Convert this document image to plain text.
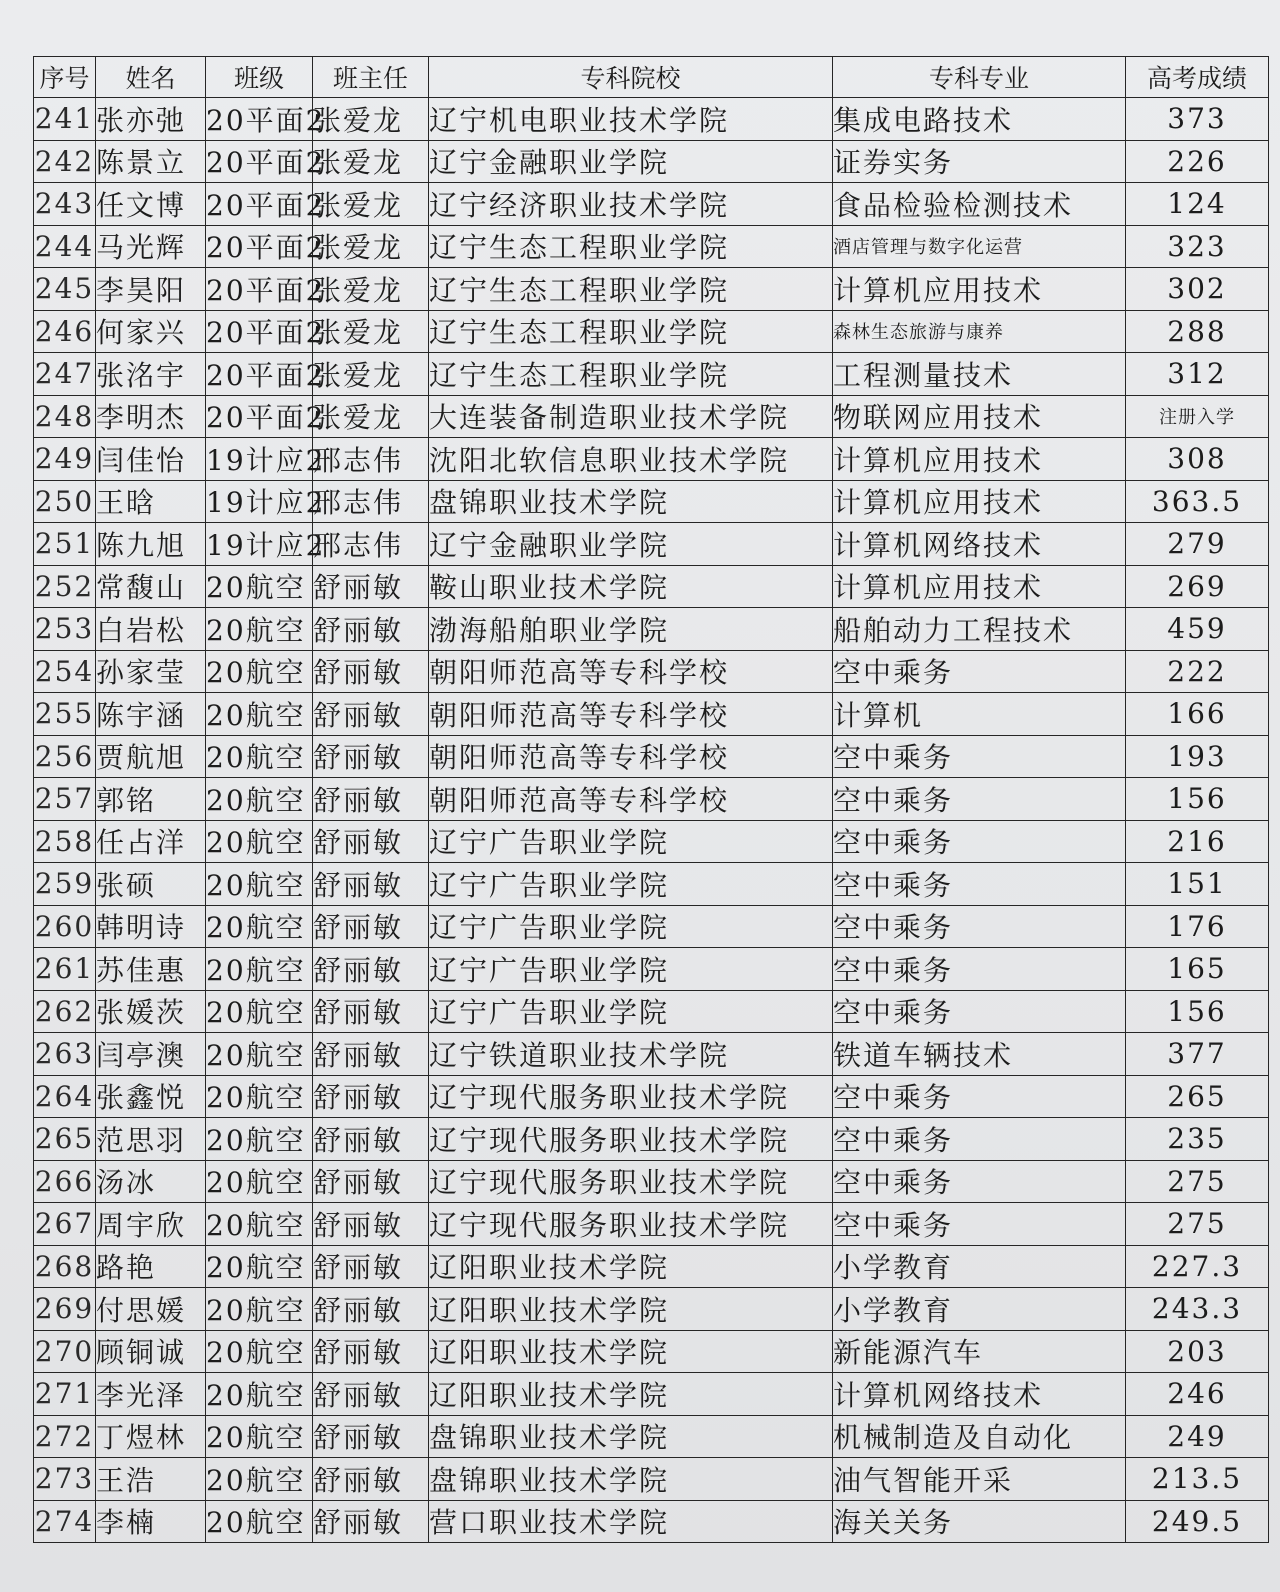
序号	姓名	班级	班主任	专科院校	专科专业	高考成绩
241	张亦弛	20平面2	张爱龙	辽宁机电职业技术学院	集成电路技术	373
242	陈景立	20平面2	张爱龙	辽宁金融职业学院	证券实务	226
243	任文博	20平面2	张爱龙	辽宁经济职业技术学院	食品检验检测技术	124
244	马光辉	20平面2	张爱龙	辽宁生态工程职业学院	酒店管理与数字化运营	323
245	李昊阳	20平面2	张爱龙	辽宁生态工程职业学院	计算机应用技术	302
246	何家兴	20平面2	张爱龙	辽宁生态工程职业学院	森林生态旅游与康养	288
247	张洺宇	20平面2	张爱龙	辽宁生态工程职业学院	工程测量技术	312
248	李明杰	20平面2	张爱龙	大连装备制造职业技术学院	物联网应用技术	注册入学
249	闫佳怡	19计应2	邢志伟	沈阳北软信息职业技术学院	计算机应用技术	308
250	王晗	19计应2	邢志伟	盘锦职业技术学院	计算机应用技术	363.5
251	陈九旭	19计应2	邢志伟	辽宁金融职业学院	计算机网络技术	279
252	常馥山	20航空	舒丽敏	鞍山职业技术学院	计算机应用技术	269
253	白岩松	20航空	舒丽敏	渤海船舶职业学院	船舶动力工程技术	459
254	孙家莹	20航空	舒丽敏	朝阳师范高等专科学校	空中乘务	222
255	陈宇涵	20航空	舒丽敏	朝阳师范高等专科学校	计算机	166
256	贾航旭	20航空	舒丽敏	朝阳师范高等专科学校	空中乘务	193
257	郭铭	20航空	舒丽敏	朝阳师范高等专科学校	空中乘务	156
258	任占洋	20航空	舒丽敏	辽宁广告职业学院	空中乘务	216
259	张硕	20航空	舒丽敏	辽宁广告职业学院	空中乘务	151
260	韩明诗	20航空	舒丽敏	辽宁广告职业学院	空中乘务	176
261	苏佳惠	20航空	舒丽敏	辽宁广告职业学院	空中乘务	165
262	张媛茨	20航空	舒丽敏	辽宁广告职业学院	空中乘务	156
263	闫亭澳	20航空	舒丽敏	辽宁铁道职业技术学院	铁道车辆技术	377
264	张鑫悦	20航空	舒丽敏	辽宁现代服务职业技术学院	空中乘务	265
265	范思羽	20航空	舒丽敏	辽宁现代服务职业技术学院	空中乘务	235
266	汤冰	20航空	舒丽敏	辽宁现代服务职业技术学院	空中乘务	275
267	周宇欣	20航空	舒丽敏	辽宁现代服务职业技术学院	空中乘务	275
268	路艳	20航空	舒丽敏	辽阳职业技术学院	小学教育	227.3
269	付思媛	20航空	舒丽敏	辽阳职业技术学院	小学教育	243.3
270	顾铜诚	20航空	舒丽敏	辽阳职业技术学院	新能源汽车	203
271	李光泽	20航空	舒丽敏	辽阳职业技术学院	计算机网络技术	246
272	丁煜林	20航空	舒丽敏	盘锦职业技术学院	机械制造及自动化	249
273	王浩	20航空	舒丽敏	盘锦职业技术学院	油气智能开采	213.5
274	李楠	20航空	舒丽敏	营口职业技术学院	海关关务	249.5
